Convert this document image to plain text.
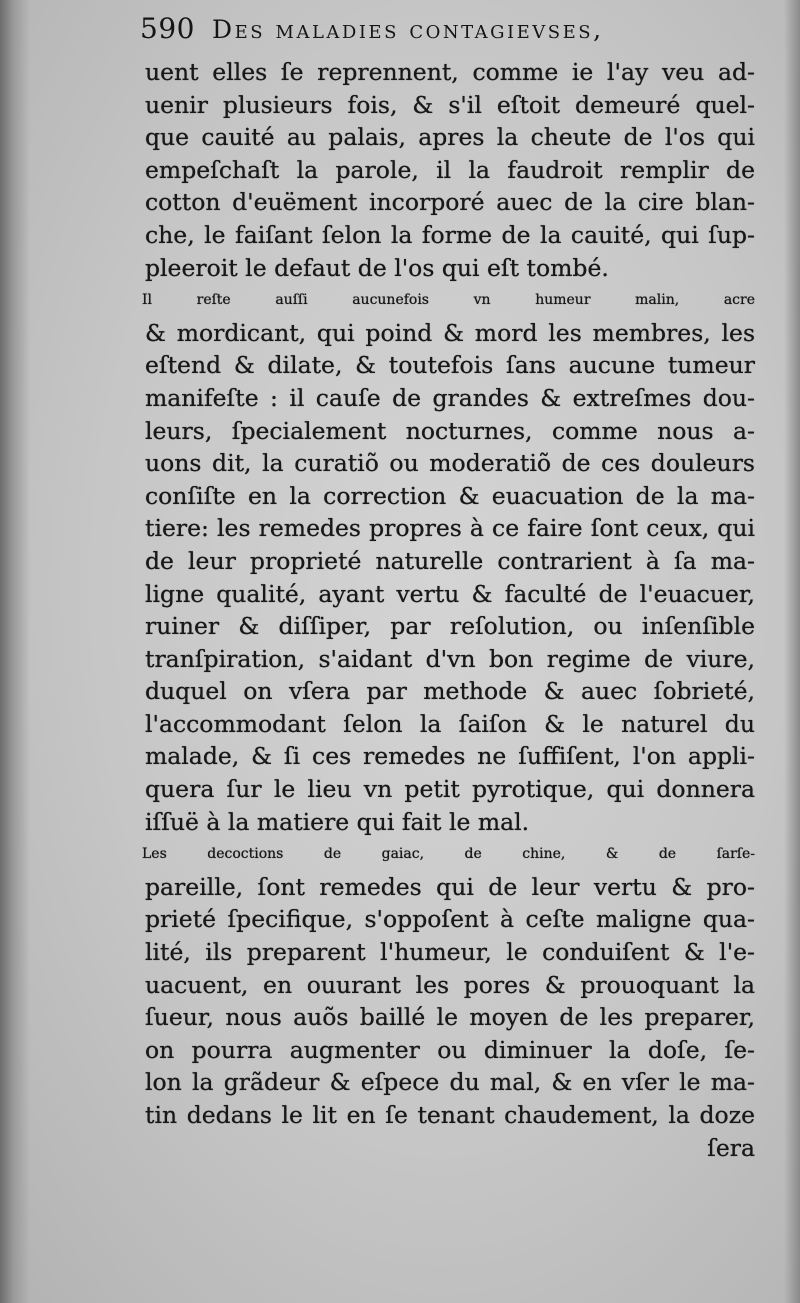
590 Des maladies contagievses,
uent elles ſe reprennent, comme ie l'ay veu ad-
uenir plusieurs fois, & s'il eſtoit demeuré quel-
que cauité au palais, apres la cheute de l'os qui
empeſchaſt la parole, il la faudroit remplir de
cotton d'euëment incorporé auec de la cire blan-
che, le faiſant ſelon la forme de la cauité, qui ſup-
pleeroit le defaut de l'os qui eſt tombé.
Il reſte auſſi aucunefois vn humeur malin, acre
& mordicant, qui poind & mord les membres, les
eſtend & dilate, & toutefois ſans aucune tumeur
manifeſte : il cauſe de grandes & extreſmes dou-
leurs, ſpecialement nocturnes, comme nous a-
uons dit, la curatiõ ou moderatiõ de ces douleurs
conſiſte en la correction & euacuation de la ma-
tiere: les remedes propres à ce faire ſont ceux, qui
de leur proprieté naturelle contrarient à ſa ma-
ligne qualité, ayant vertu & faculté de l'euacuer,
ruiner & diſſiper, par reſolution, ou inſenſible
tranſpiration, s'aidant d'vn bon regime de viure,
duquel on vſera par methode & auec ſobrieté,
l'accommodant ſelon la ſaiſon & le naturel du
malade, & ſi ces remedes ne ſuffiſent, l'on appli-
quera ſur le lieu vn petit pyrotique, qui donnera
iſſuë à la matiere qui fait le mal.
Les decoctions de gaiac, de chine, & de ſarſe-
pareille, ſont remedes qui de leur vertu & pro-
prieté ſpecifique, s'oppoſent à ceſte maligne qua-
lité, ils preparent l'humeur, le conduiſent & l'e-
uacuent, en ouurant les pores & prouoquant la
ſueur, nous auõs baillé le moyen de les preparer,
on pourra augmenter ou diminuer la doſe, ſe-
lon la grãdeur & eſpece du mal, & en vſer le ma-
tin dedans le lit en ſe tenant chaudement, la doze
ſera
